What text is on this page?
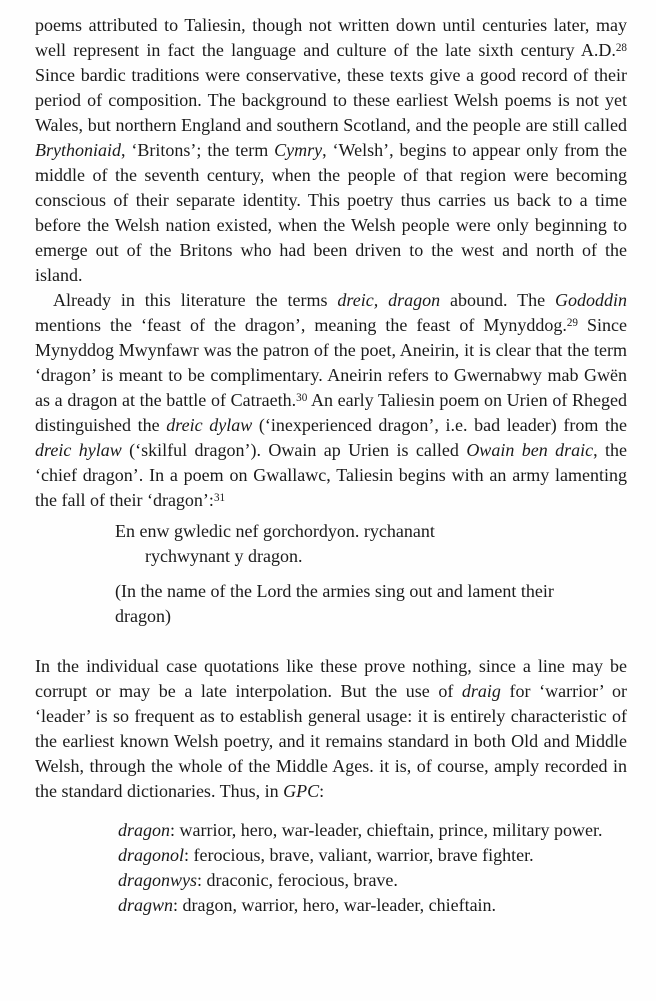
poems attributed to Taliesin, though not written down until centuries later, may well represent in fact the language and culture of the late sixth century A.D.$^{28}$ Since bardic traditions were conservative, these texts give a good record of their period of composition. The background to these earliest Welsh poems is not yet Wales, but northern England and southern Scotland, and the people are still called Brythoniaid, ‘Britons’; the term Cymry, ‘Welsh’, begins to appear only from the middle of the seventh century, when the people of that region were becoming conscious of their separate identity. This poetry thus carries us back to a time before the Welsh nation existed, when the Welsh people were only beginning to emerge out of the Britons who had been driven to the west and north of the island.

Already in this literature the terms dreic, dragon abound. The Gododdin mentions the ‘feast of the dragon’, meaning the feast of Mynyddog.$^{29}$ Since Mynyddog Mwynfawr was the patron of the poet, Aneirin, it is clear that the term ‘dragon’ is meant to be complimentary. Aneirin refers to Gwernabwy mab Gwën as a dragon at the battle of Catraeth.$^{30}$ An early Taliesin poem on Urien of Rheged distinguished the dreic dylaw (‘inexperienced dragon’, i.e. bad leader) from the dreic hylaw (‘skilful dragon’). Owain ap Urien is called Owain ben draic, the ‘chief dragon’. In a poem on Gwallawc, Taliesin begins with an army lamenting the fall of their ‘dragon’:$^{31}$

En enw gwledic nef gorchordyon. rychanant
rychwynant y dragon.
(In the name of the Lord the armies sing out and lament their
dragon)

In the individual case quotations like these prove nothing, since a line may be corrupt or may be a late interpolation. But the use of draig for ‘warrior’ or ‘leader’ is so frequent as to establish general usage: it is entirely characteristic of the earliest known Welsh poetry, and it remains standard in both Old and Middle Welsh, through the whole of the Middle Ages. it is, of course, amply recorded in the standard dictionaries. Thus, in GPC:

dragon: warrior, hero, war-leader, chieftain, prince, military power.

dragonol: ferocious, brave, valiant, warrior, brave fighter.

dragonwys: draconic, ferocious, brave.

dragwn: dragon, warrior, hero, war-leader, chieftain.
